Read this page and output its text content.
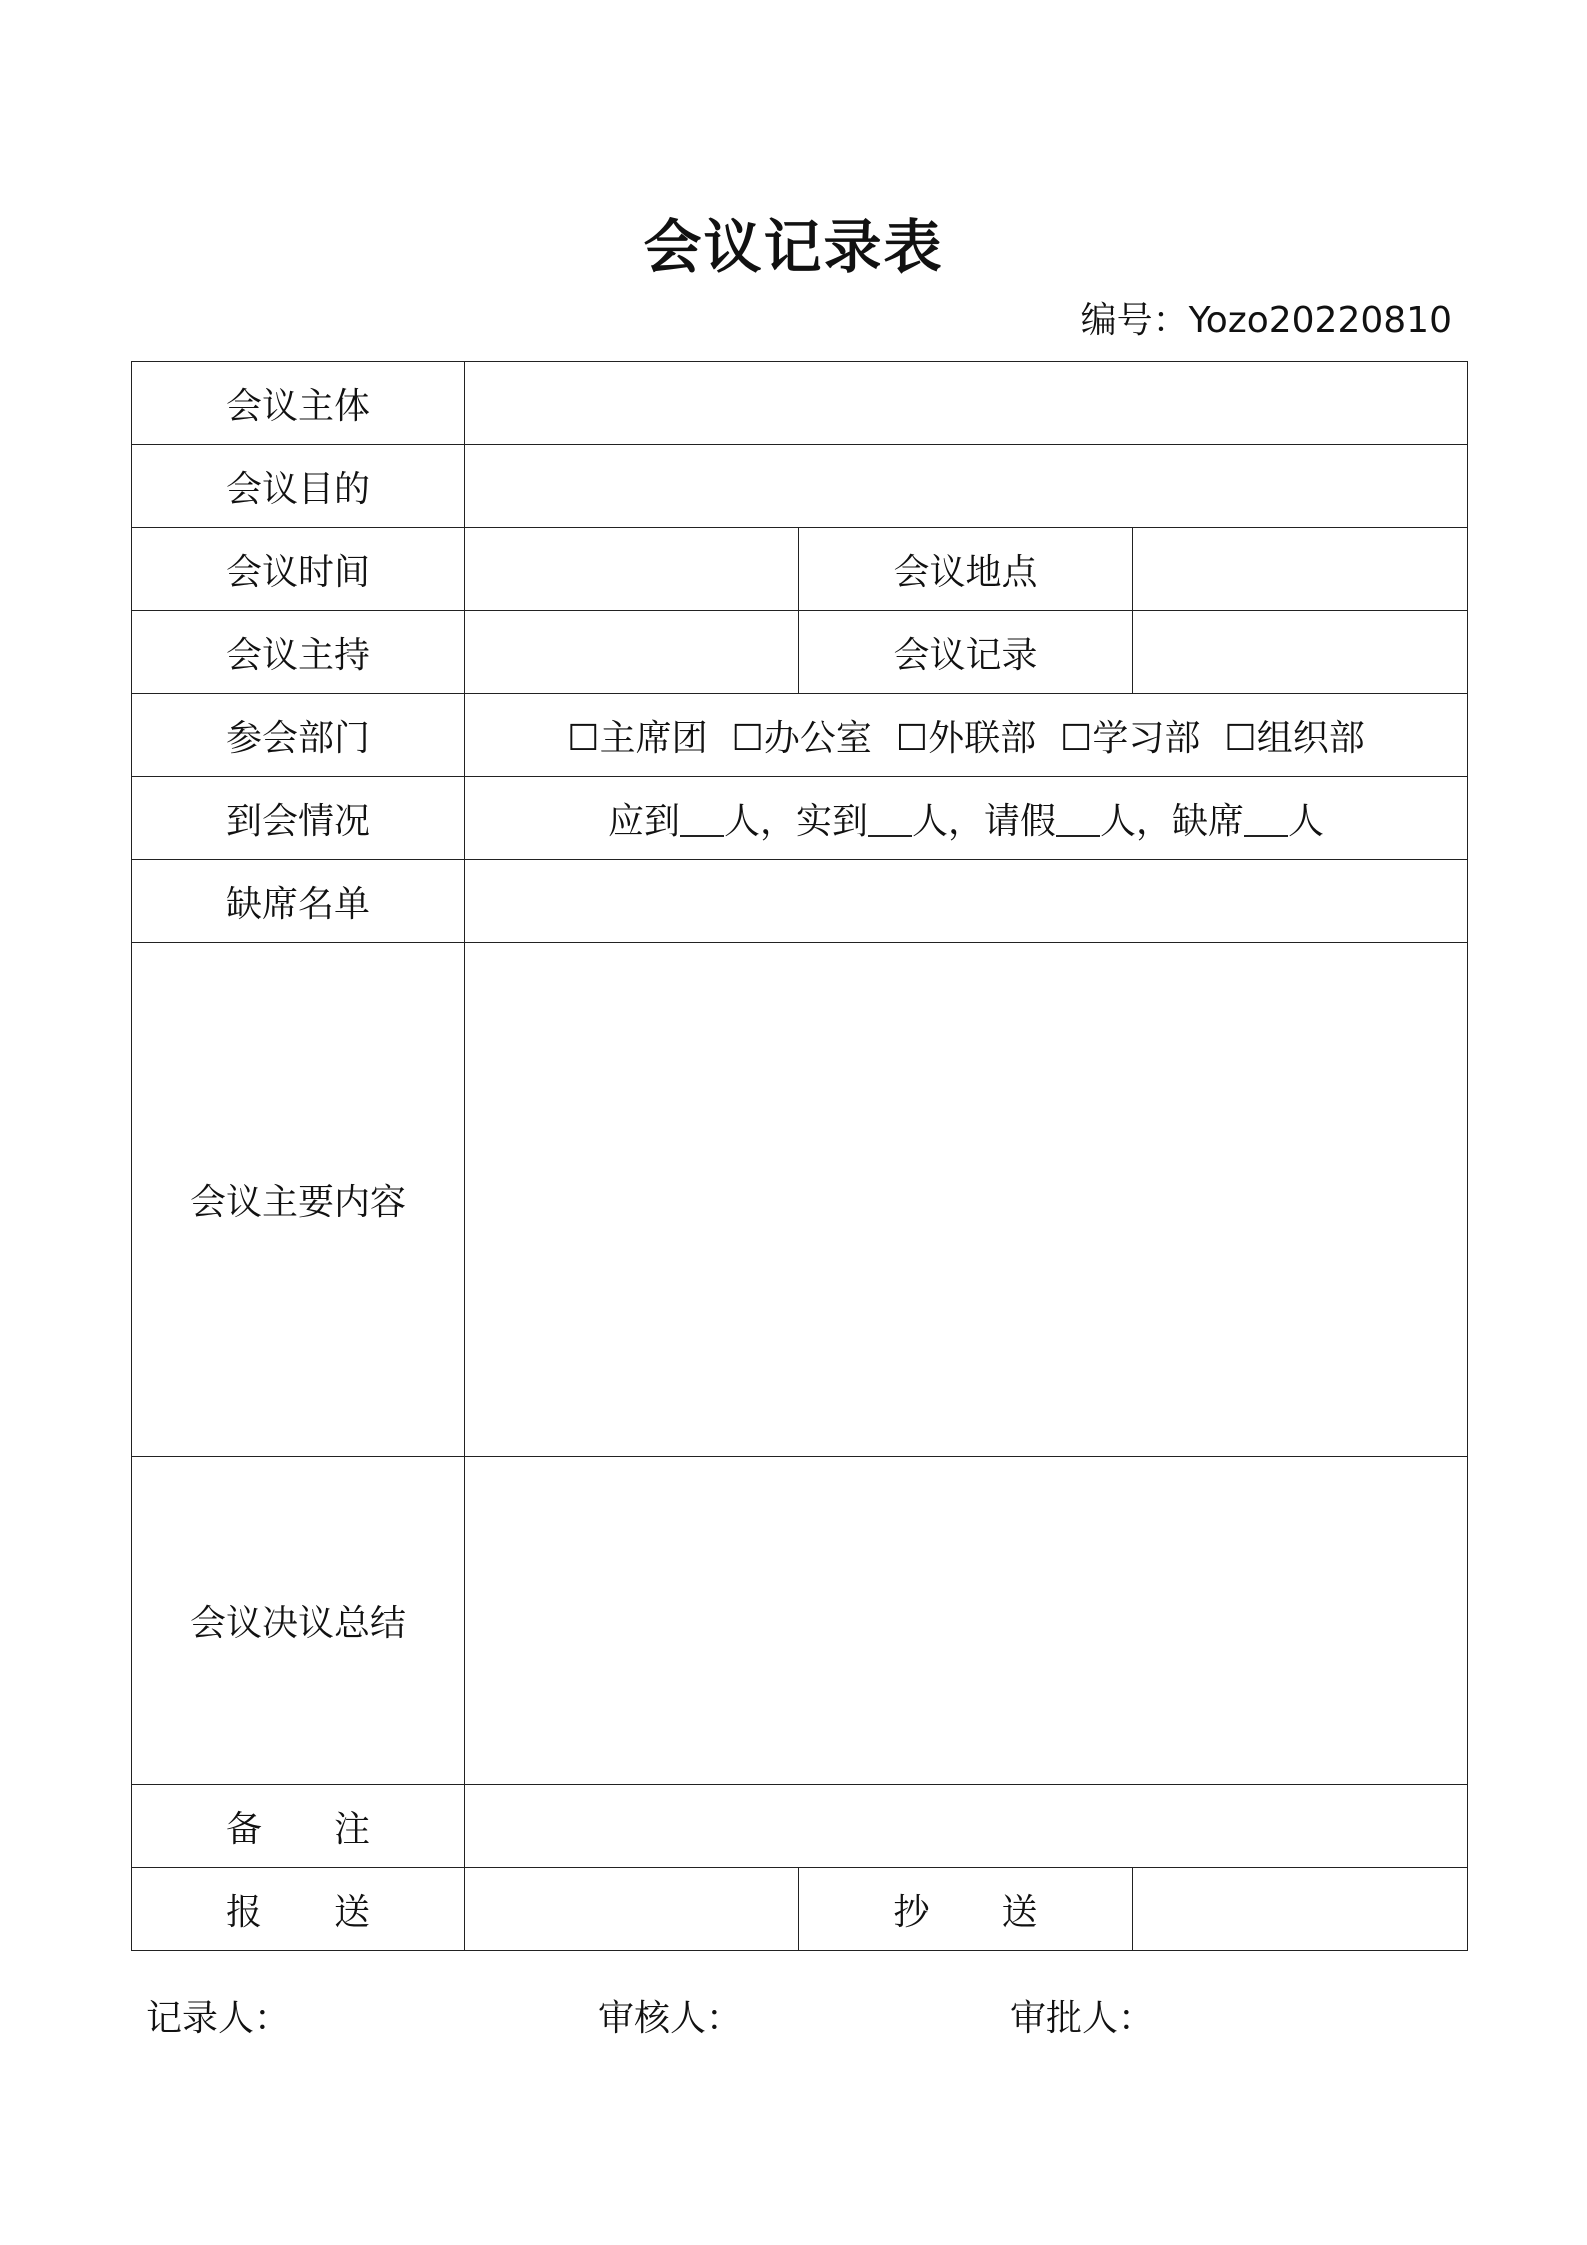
会议记录表
编号：Yozo20220810
会议主体			
会议目的			
会议时间		会议地点	
会议主持		会议记录	
参会部门	☐主席团 ☐办公室 ☐外联部 ☐学习部 ☐组织部		
到会情况	应到 人，实到 人，请假 人，缺席 人		
缺席名单			
会议主要内容			
会议决议总结			
备　　注			
报　　送		抄　　送	
记录人：	审核人：	审批人：
